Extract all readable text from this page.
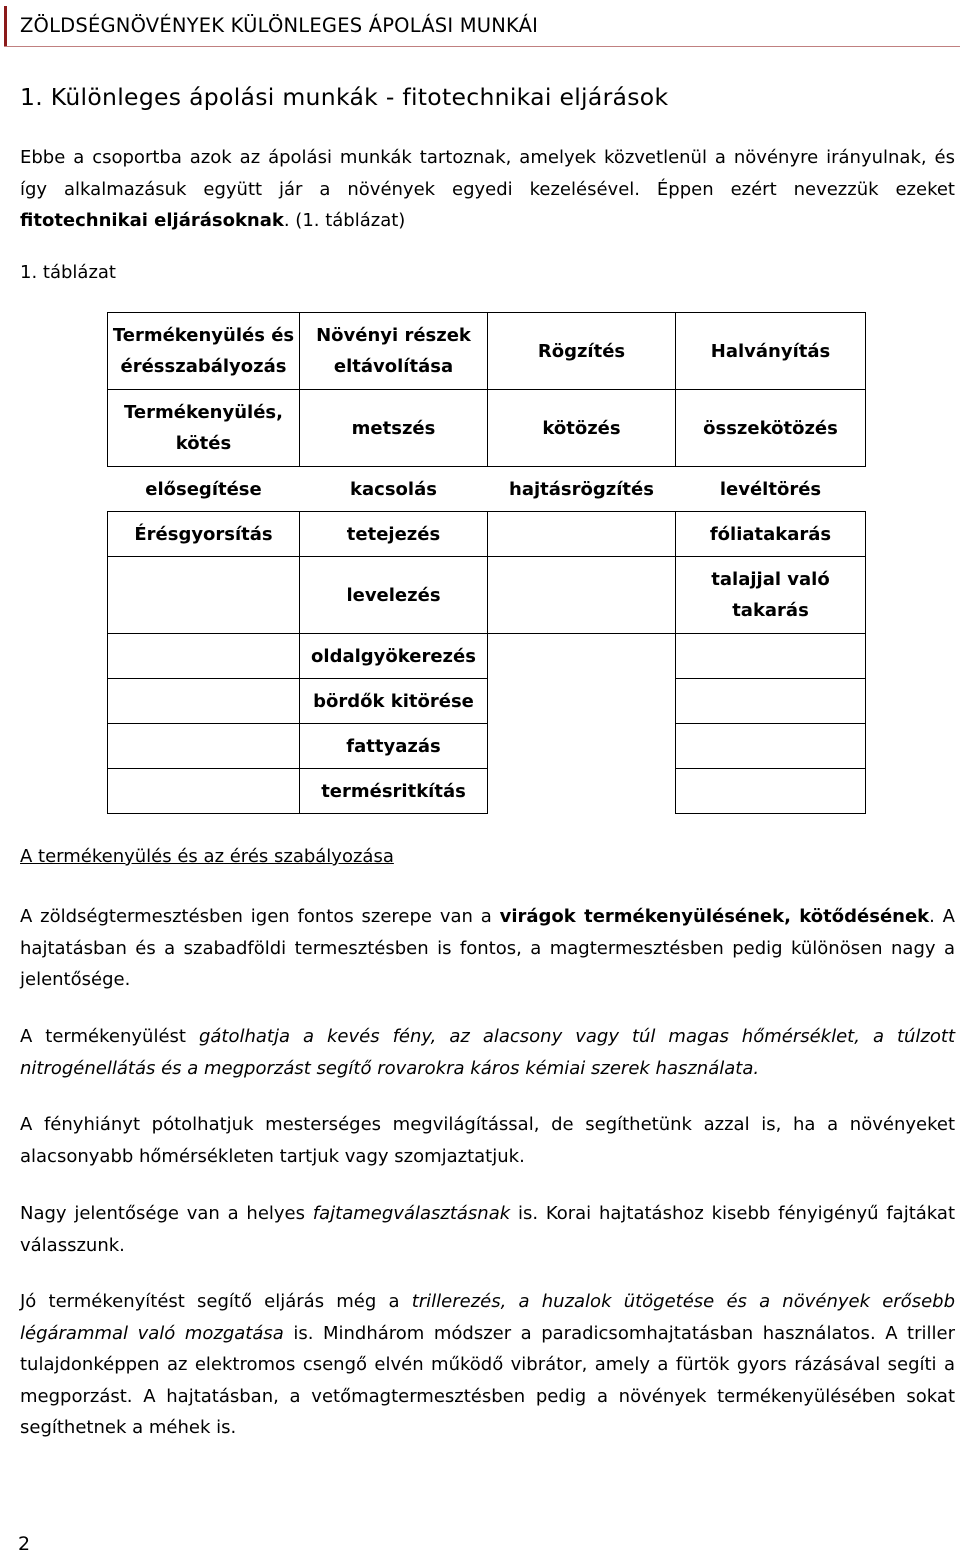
ZÖLDSÉGNÖVÉNYEK KÜLÖNLEGES ÁPOLÁSI MUNKÁI
1. Különleges ápolási munkák - fitotechnikai eljárások
Ebbe a csoportba azok az ápolási munkák tartoznak, amelyek közvetlenül a növényre irányulnak, és így alkalmazásuk együtt jár a növények egyedi kezelésével. Éppen ezért nevezzük ezeket fitotechnikai eljárásoknak. (1. táblázat)
1. táblázat
Termékenyülés és érésszabályozás	Növényi részek eltávolítása	Rögzítés	Halványítás
Termékenyülés, kötés	metszés	kötözés	összekötözés
elősegítése	kacsolás	hajtásrögzítés	levéltörés
Érésgyorsítás	tetejezés		fóliatakarás
	levelezés		talajjal való takarás
	oldalgyökerezés		
	bördők kitörése		
	fattyazás		
	termésritkítás		
A termékenyülés és az érés szabályozása
A zöldségtermesztésben igen fontos szerepe van a virágok termékenyülésének, kötődésének. A hajtatásban és a szabadföldi termesztésben is fontos, a magtermesztésben pedig különösen nagy a jelentősége.
A termékenyülést gátolhatja a kevés fény, az alacsony vagy túl magas hőmérséklet, a túlzott nitrogénellátás és a megporzást segítő rovarokra káros kémiai szerek használata.
A fényhiányt pótolhatjuk mesterséges megvilágítással, de segíthetünk azzal is, ha a növényeket alacsonyabb hőmérsékleten tartjuk vagy szomjaztatjuk.
Nagy jelentősége van a helyes fajtamegválasztásnak is. Korai hajtatáshoz kisebb fényigényű fajtákat válasszunk.
Jó termékenyítést segítő eljárás még a trillerezés, a huzalok ütögetése és a növények erősebb légárammal való mozgatása is. Mindhárom módszer a paradicsomhajtatásban használatos. A triller tulajdonképpen az elektromos csengő elvén működő vibrátor, amely a fürtök gyors rázásával segíti a megporzást. A hajtatásban, a vetőmagtermesztésben pedig a növények termékenyülésében sokat segíthetnek a méhek is.
2
